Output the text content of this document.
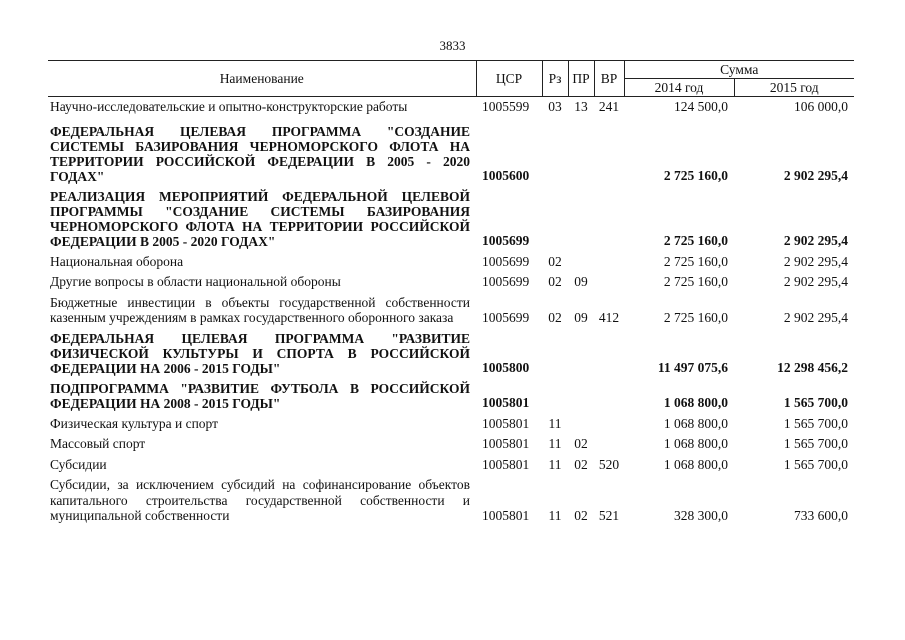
3833
Наименование	ЦСР	Рз	ПР	ВР	Сумма	
					2014 год	2015 год
Научно-исследовательские и опытно-конструкторские работы	1005599	03	13	241	124 500,0	106 000,0
ФЕДЕРАЛЬНАЯ ЦЕЛЕВАЯ ПРОГРАММА "СОЗДАНИЕ СИСТЕМЫ БАЗИРОВАНИЯ ЧЕРНОМОРСКОГО ФЛОТА НА ТЕРРИТОРИИ РОССИЙСКОЙ ФЕДЕРАЦИИ В 2005 - 2020 ГОДАХ"	1005600				2 725 160,0	2 902 295,4
РЕАЛИЗАЦИЯ МЕРОПРИЯТИЙ ФЕДЕРАЛЬНОЙ ЦЕЛЕВОЙ ПРОГРАММЫ "СОЗДАНИЕ СИСТЕМЫ БАЗИРОВАНИЯ ЧЕРНОМОРСКОГО ФЛОТА НА ТЕРРИТОРИИ РОССИЙСКОЙ ФЕДЕРАЦИИ В 2005 - 2020 ГОДАХ"	1005699				2 725 160,0	2 902 295,4
Национальная оборона	1005699	02			2 725 160,0	2 902 295,4
Другие вопросы в области национальной обороны	1005699	02	09		2 725 160,0	2 902 295,4
Бюджетные инвестиции в объекты государственной собственности казенным учреждениям в рамках государственного оборонного заказа	1005699	02	09	412	2 725 160,0	2 902 295,4
ФЕДЕРАЛЬНАЯ ЦЕЛЕВАЯ ПРОГРАММА "РАЗВИТИЕ ФИЗИЧЕСКОЙ КУЛЬТУРЫ И СПОРТА В РОССИЙСКОЙ ФЕДЕРАЦИИ НА 2006 - 2015 ГОДЫ"	1005800				11 497 075,6	12 298 456,2
ПОДПРОГРАММА "РАЗВИТИЕ ФУТБОЛА В РОССИЙСКОЙ ФЕДЕРАЦИИ НА 2008 - 2015 ГОДЫ"	1005801				1 068 800,0	1 565 700,0
Физическая культура и спорт	1005801	11			1 068 800,0	1 565 700,0
Массовый спорт	1005801	11	02		1 068 800,0	1 565 700,0
Субсидии	1005801	11	02	520	1 068 800,0	1 565 700,0
Субсидии, за исключением субсидий на софинансирование объектов капитального строительства государственной собственности и муниципальной собственности	1005801	11	02	521	328 300,0	733 600,0
